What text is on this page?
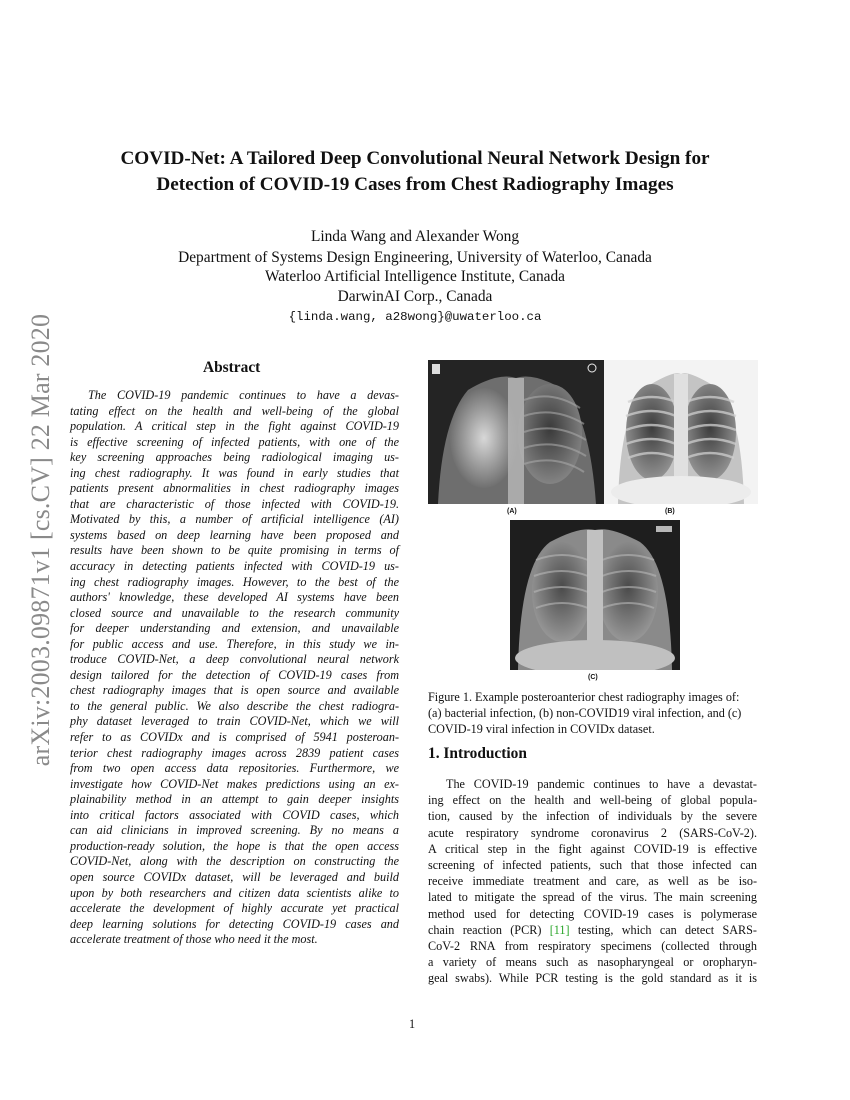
arXiv:2003.09871v1 [cs.CV] 22 Mar 2020
COVID-Net: A Tailored Deep Convolutional Neural Network Design for
Detection of COVID-19 Cases from Chest Radiography Images
Linda Wang and Alexander Wong
Department of Systems Design Engineering, University of Waterloo, Canada
Waterloo Artificial Intelligence Institute, Canada
DarwinAI Corp., Canada
{linda.wang, a28wong}@uwaterloo.ca
Abstract
The COVID-19 pandemic continues to have a devas-
tating effect on the health and well-being of the global
population. A critical step in the fight against COVID-19
is effective screening of infected patients, with one of the
key screening approaches being radiological imaging us-
ing chest radiography. It was found in early studies that
patients present abnormalities in chest radiography images
that are characteristic of those infected with COVID-19.
Motivated by this, a number of artificial intelligence (AI)
systems based on deep learning have been proposed and
results have been shown to be quite promising in terms of
accuracy in detecting patients infected with COVID-19 us-
ing chest radiography images. However, to the best of the
authors' knowledge, these developed AI systems have been
closed source and unavailable to the research community
for deeper understanding and extension, and unavailable
for public access and use. Therefore, in this study we in-
troduce COVID-Net, a deep convolutional neural network
design tailored for the detection of COVID-19 cases from
chest radiography images that is open source and available
to the general public. We also describe the chest radiogra-
phy dataset leveraged to train COVID-Net, which we will
refer to as COVIDx and is comprised of 5941 posteroan-
terior chest radiography images across 2839 patient cases
from two open access data repositories. Furthermore, we
investigate how COVID-Net makes predictions using an ex-
plainability method in an attempt to gain deeper insights
into critical factors associated with COVID cases, which
can aid clinicians in improved screening. By no means a
production-ready solution, the hope is that the open access
COVID-Net, along with the description on constructing the
open source COVIDx dataset, will be leveraged and build
upon by both researchers and citizen data scientists alike to
accelerate the development of highly accurate yet practical
deep learning solutions for detecting COVID-19 cases and
accelerate treatment of those who need it the most.
(A)	(B)
(C)
Figure 1. Example posteroanterior chest radiography images of:
(a) bacterial infection, (b) non-COVID19 viral infection, and (c)
COVID-19 viral infection in COVIDx dataset.
1. Introduction
The COVID-19 pandemic continues to have a devastat-
ing effect on the health and well-being of global popula-
tion, caused by the infection of individuals by the severe
acute respiratory syndrome coronavirus 2 (SARS-CoV-2).
A critical step in the fight against COVID-19 is effective
screening of infected patients, such that those infected can
receive immediate treatment and care, as well as be iso-
lated to mitigate the spread of the virus. The main screening
method used for detecting COVID-19 cases is polymerase
chain reaction (PCR) [11] testing, which can detect SARS-
CoV-2 RNA from respiratory specimens (collected through
a variety of means such as nasopharyngeal or oropharyn-
geal swabs). While PCR testing is the gold standard as it is
1
